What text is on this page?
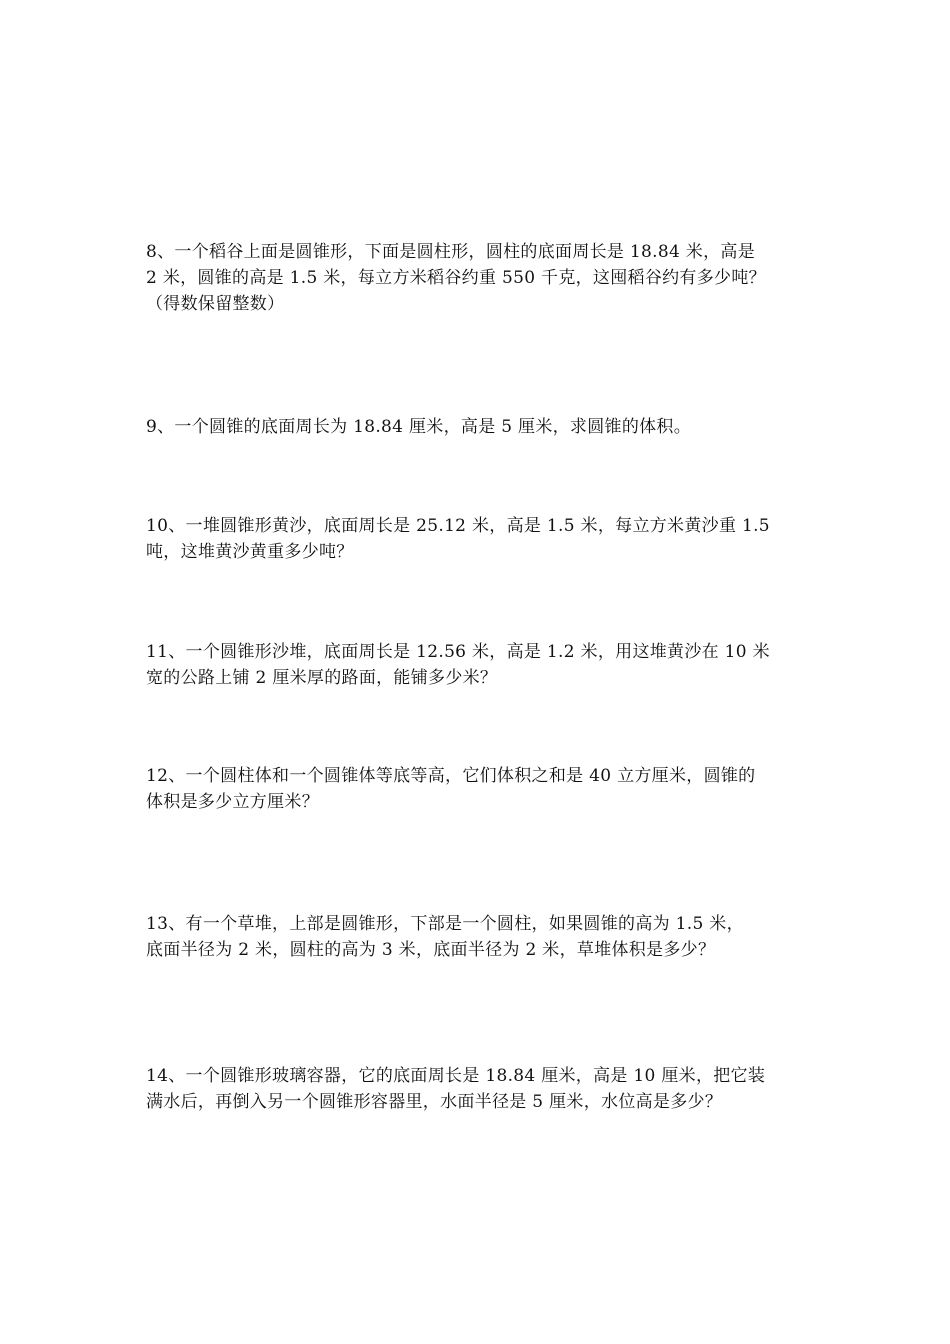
8、一个稻谷上面是圆锥形，下面是圆柱形，圆柱的底面周长是 18.84 米，高是
2 米，圆锥的高是 1.5 米，每立方米稻谷约重 550 千克，这囤稻谷约有多少吨？
（得数保留整数）
9、一个圆锥的底面周长为 18.84 厘米，高是 5 厘米，求圆锥的体积。
10、一堆圆锥形黄沙，底面周长是 25.12 米，高是 1.5 米，每立方米黄沙重 1.5
吨，这堆黄沙黄重多少吨？
11、一个圆锥形沙堆，底面周长是 12.56 米，高是 1.2 米，用这堆黄沙在 10 米
宽的公路上铺 2 厘米厚的路面，能铺多少米？
12、一个圆柱体和一个圆锥体等底等高，它们体积之和是 40 立方厘米，圆锥的
体积是多少立方厘米？
13、有一个草堆，上部是圆锥形，下部是一个圆柱，如果圆锥的高为 1.5 米，
底面半径为 2 米，圆柱的高为 3 米，底面半径为 2 米，草堆体积是多少？
14、一个圆锥形玻璃容器，它的底面周长是 18.84 厘米，高是 10 厘米，把它装
满水后，再倒入另一个圆锥形容器里，水面半径是 5 厘米，水位高是多少？
